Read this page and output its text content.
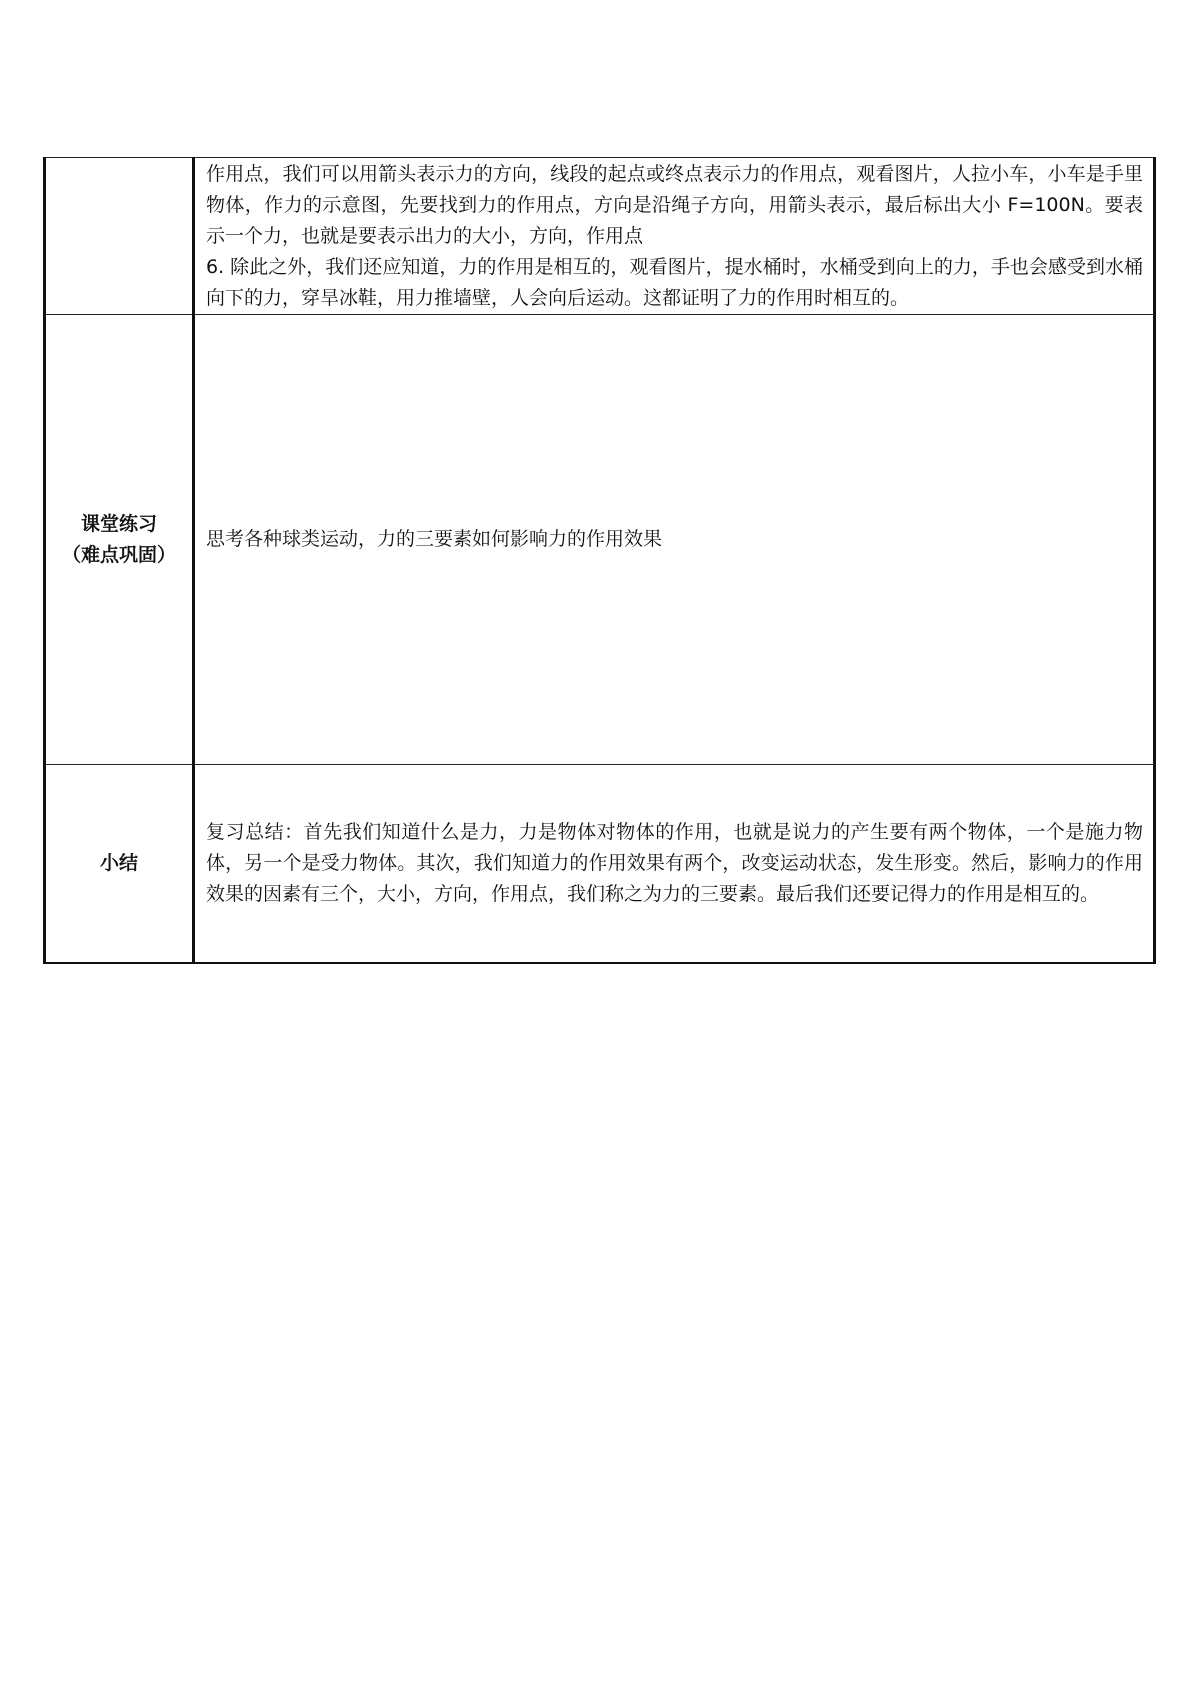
	作用点，我们可以用箭头表示力的方向，线段的起点或终点表示力的作用点，观看图片，人拉小车，小车是手里物体，作力的示意图，先要找到力的作用点，方向是沿绳子方向，用箭头表示，最后标出大小 F=100N。要表示一个力，也就是要表示出力的大小，方向，作用点
6. 除此之外，我们还应知道，力的作用是相互的，观看图片，提水桶时，水桶受到向上的力，手也会感受到水桶向下的力，穿旱冰鞋，用力推墙壁，人会向后运动。这都证明了力的作用时相互的。

课堂练习
（难点巩固）	思考各种球类运动，力的三要素如何影响力的作用效果

小结	复习总结：首先我们知道什么是力，力是物体对物体的作用，也就是说力的产生要有两个物体，一个是施力物体，另一个是受力物体。其次，我们知道力的作用效果有两个，改变运动状态，发生形变。然后，影响力的作用效果的因素有三个，大小，方向，作用点，我们称之为力的三要素。最后我们还要记得力的作用是相互的。
